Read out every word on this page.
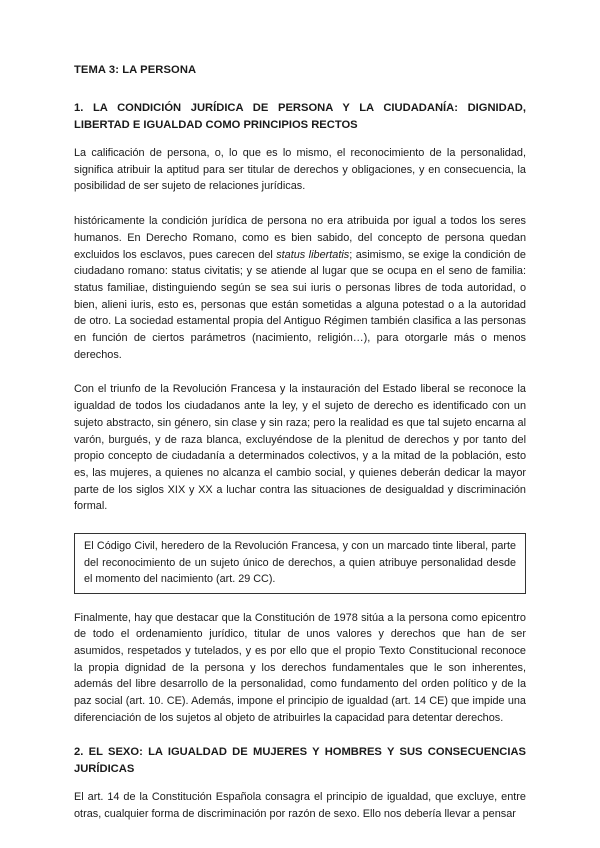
TEMA 3: LA PERSONA
1. LA CONDICIÓN JURÍDICA DE PERSONA Y LA CIUDADANÍA: DIGNIDAD, LIBERTAD E IGUALDAD COMO PRINCIPIOS RECTOS

La calificación de persona, o, lo que es lo mismo, el reconocimiento de la personalidad, significa atribuir la aptitud para ser titular de derechos y obligaciones, y en consecuencia, la posibilidad de ser sujeto de relaciones jurídicas.

históricamente la condición jurídica de persona no era atribuida por igual a todos los seres humanos. En Derecho Romano, como es bien sabido, del concepto de persona quedan excluidos los esclavos, pues carecen del status libertatis; asimismo, se exige la condición de ciudadano romano: status civitatis; y se atiende al lugar que se ocupa en el seno de familia: status familiae, distinguiendo según se sea sui iuris o personas libres de toda autoridad, o bien, alieni iuris, esto es, personas que están sometidas a alguna potestad o a la autoridad de otro. La sociedad estamental propia del Antiguo Régimen también clasifica a las personas en función de ciertos parámetros (nacimiento, religión…), para otorgarle más o menos derechos.

Con el triunfo de la Revolución Francesa y la instauración del Estado liberal se reconoce la igualdad de todos los ciudadanos ante la ley, y el sujeto de derecho es identificado con un sujeto abstracto, sin género, sin clase y sin raza; pero la realidad es que tal sujeto encarna al varón, burgués, y de raza blanca, excluyéndose de la plenitud de derechos y por tanto del propio concepto de ciudadanía a determinados colectivos, y a la mitad de la población, esto es, las mujeres, a quienes no alcanza el cambio social, y quienes deberán dedicar la mayor parte de los siglos XIX y XX a luchar contra las situaciones de desigualdad y discriminación formal.

El Código Civil, heredero de la Revolución Francesa, y con un marcado tinte liberal, parte del reconocimiento de un sujeto único de derechos, a quien atribuye personalidad desde el momento del nacimiento (art. 29 CC).

Finalmente, hay que destacar que la Constitución de 1978 sitúa a la persona como epicentro de todo el ordenamiento jurídico, titular de unos valores y derechos que han de ser asumidos, respetados y tutelados, y es por ello que el propio Texto Constitucional reconoce la propia dignidad de la persona y los derechos fundamentales que le son inherentes, además del libre desarrollo de la personalidad, como fundamento del orden político y de la paz social (art. 10. CE). Además, impone el principio de igualdad (art. 14 CE) que impide una diferenciación de los sujetos al objeto de atribuirles la capacidad para detentar derechos.

2. EL SEXO: LA IGUALDAD DE MUJERES Y HOMBRES Y SUS CONSECUENCIAS JURÍDICAS

El art. 14 de la Constitución Española consagra el principio de igualdad, que excluye, entre otras, cualquier forma de discriminación por razón de sexo. Ello nos debería llevar a pensar
